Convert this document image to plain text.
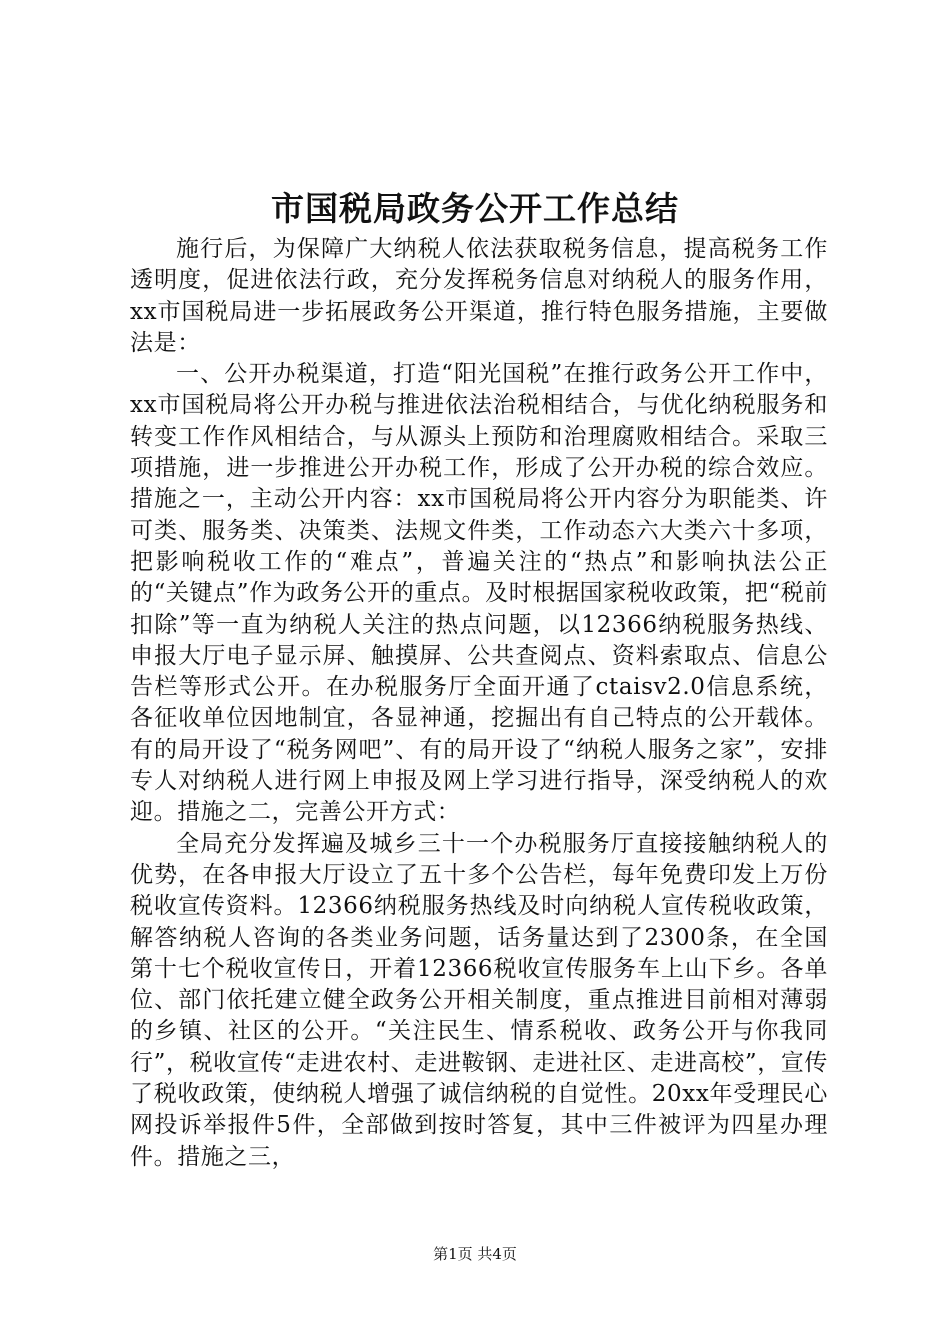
市国税局政务公开工作总结

施行后，为保障广大纳税人依法获取税务信息，提高税务工作透明度，促进依法行政，充分发挥税务信息对纳税人的服务作用，xx市国税局进一步拓展政务公开渠道，推行特色服务措施，主要做法是：

一、公开办税渠道，打造“阳光国税”在推行政务公开工作中，xx市国税局将公开办税与推进依法治税相结合，与优化纳税服务和转变工作作风相结合，与从源头上预防和治理腐败相结合。采取三项措施，进一步推进公开办税工作，形成了公开办税的综合效应。措施之一，主动公开内容：xx市国税局将公开内容分为职能类、许可类、服务类、决策类、法规文件类，工作动态六大类六十多项，把影响税收工作的“难点”，普遍关注的“热点”和影响执法公正的“关键点”作为政务公开的重点。及时根据国家税收政策，把“税前扣除”等一直为纳税人关注的热点问题，以12366纳税服务热线、申报大厅电子显示屏、触摸屏、公共查阅点、资料索取点、信息公告栏等形式公开。在办税服务厅全面开通了ctaisv2.0信息系统，各征收单位因地制宜，各显神通，挖掘出有自己特点的公开载体。有的局开设了“税务网吧”、有的局开设了“纳税人服务之家”，安排专人对纳税人进行网上申报及网上学习进行指导，深受纳税人的欢迎。措施之二，完善公开方式：

全局充分发挥遍及城乡三十一个办税服务厅直接接触纳税人的优势，在各申报大厅设立了五十多个公告栏，每年免费印发上万份税收宣传资料。12366纳税服务热线及时向纳税人宣传税收政策，解答纳税人咨询的各类业务问题，话务量达到了2300条，在全国第十七个税收宣传日，开着12366税收宣传服务车上山下乡。各单位、部门依托建立健全政务公开相关制度，重点推进目前相对薄弱的乡镇、社区的公开。“关注民生、情系税收、政务公开与你我同行”，税收宣传“走进农村、走进鞍钢、走进社区、走进高校”，宣传了税收政策，使纳税人增强了诚信纳税的自觉性。20xx年受理民心网投诉举报件5件，全部做到按时答复，其中三件被评为四星办理件。措施之三，

第1页 共4页
